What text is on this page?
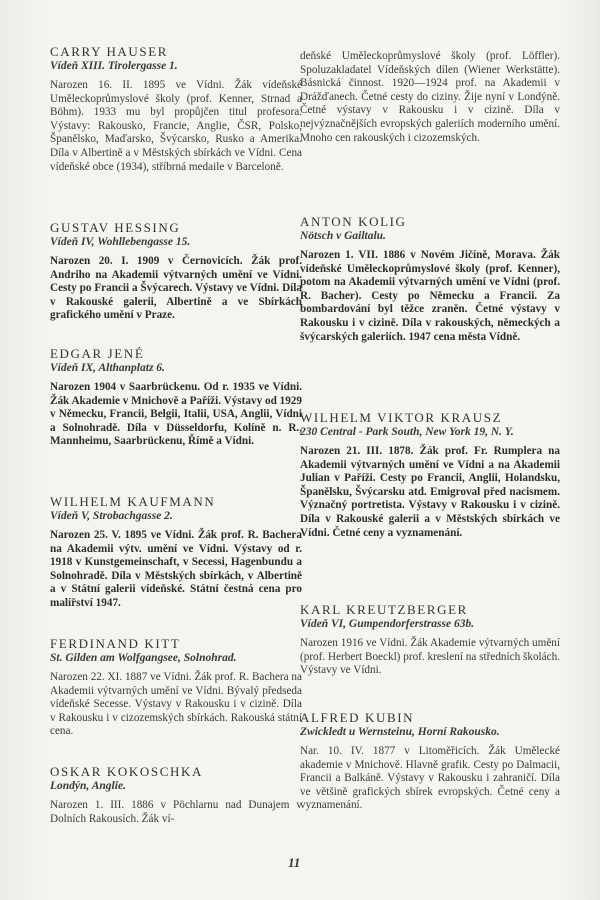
CARRY HAUSER
Vídeň XIII. Tirolergasse 1.
Narozen 16. II. 1895 ve Vídni. Žák vídeňské Uměleckoprůmyslové školy (prof. Kenner, Strnad a Böhm). 1933 mu byl propůjčen titul profesora. Výstavy: Rakousko, Francie, Anglie, ČSR, Polsko, Španělsko, Maďarsko, Švýcarsko, Rusko a Amerika. Díla v Albertině a v Městských sbírkách ve Vídni. Cena vídeňské obce (1934), stříbrná medaile v Barceloně.
GUSTAV HESSING
Vídeň IV, Wohllebengasse 15.
Narozen 20. I. 1909 v Černovicích. Žák prof. Andriho na Akademii výtvarných umění ve Vídni. Cesty po Francii a Švýcarech. Výstavy ve Vídni. Díla v Rakouské galerii, Albertině a ve Sbírkách grafického umění v Praze.
EDGAR JENÉ
Vídeň IX, Althanplatz 6.
Narozen 1904 v Saarbrückenu. Od r. 1935 ve Vídni. Žák Akademie v Mnichově a Paříži. Výstavy od 1929 v Německu, Francii, Belgii, Italii, USA, Anglii, Vídni a Solnohradě. Díla v Düsseldorfu, Kolíně n. R., Mannheimu, Saarbrückenu, Římě a Vídni.
WILHELM KAUFMANN
Vídeň V, Strobachgasse 2.
Narozen 25. V. 1895 ve Vídni. Žák prof. R. Bachera na Akademii výtv. umění ve Vídni. Výstavy od r. 1918 v Kunstgemeinschaft, v Secessi, Hagenbundu a Solnohradě. Díla v Městských sbírkách, v Albertině a v Státní galerii vídeňské. Státní čestná cena pro malířství 1947.
FERDINAND KITT
St. Gilden am Wolfgangsee, Solnohrad.
Narozen 22. XI. 1887 ve Vídni. Žák prof. R. Bachera na Akademii výtvarných umění ve Vídni. Bývalý předseda vídeňské Secesse. Výstavy v Rakousku i v cizině. Díla v Rakousku i v cizozemských sbírkách. Rakouská státní cena.
OSKAR KOKOSCHKA
Londýn, Anglie.
Narozen 1. III. 1886 v Pöchlarnu nad Dunajem v Dolních Rakousích. Žák ví-
deňské Uměleckoprůmyslové školy (prof. Löffler). Spoluzakladatel Vídeňských dílen (Wiener Werkstätte). Básnická činnost. 1920—1924 prof. na Akademii v Drážďanech. Četné cesty do ciziny. Žije nyní v Londýně. Četné výstavy v Rakousku i v cizině. Díla v nejvýznačnějších evropských galeriích moderního umění. Mnoho cen rakouských i cizozemských.
ANTON KOLIG
Nötsch v Gailtalu.
Narozen 1. VII. 1886 v Novém Jičíně, Morava. Žák vídeňské Uměleckoprůmyslové školy (prof. Kenner), potom na Akademii výtvarných umění ve Vídni (prof. R. Bacher). Cesty po Německu a Francii. Za bombardování byl těžce zraněn. Četné výstavy v Rakousku i v cizině. Díla v rakouských, německých a švýcarských galeriích. 1947 cena města Vídně.
WILHELM VIKTOR KRAUSZ
230 Central - Park South, New York 19, N. Y.
Narozen 21. III. 1878. Žák prof. Fr. Rumplera na Akademii výtvarných umění ve Vídni a na Akademii Julian v Paříži. Cesty po Francii, Anglii, Holandsku, Španělsku, Švýcarsku atd. Emigroval před nacismem. Význačný portretista. Výstavy v Rakousku i v cizině. Díla v Rakouské galerii a v Městských sbírkách ve Vídni. Četné ceny a vyznamenání.
KARL KREUTZBERGER
Vídeň VI, Gumpendorferstrasse 63b.
Narozen 1916 ve Vídni. Žák Akademie výtvarných umění (prof. Herbert Boeckl) prof. kreslení na středních školách. Výstavy ve Vídni.
ALFRED KUBIN
Zwickledt u Wernsteinu, Horní Rakousko.
Nar. 10. IV. 1877 v Litoměřicích. Žák Umělecké akademie v Mnichově. Hlavně grafik. Cesty po Dalmacii, Francii a Balkáně. Výstavy v Rakousku i zahraničí. Díla ve většině grafických sbírek evropských. Četné ceny a vyznamenání.
11
